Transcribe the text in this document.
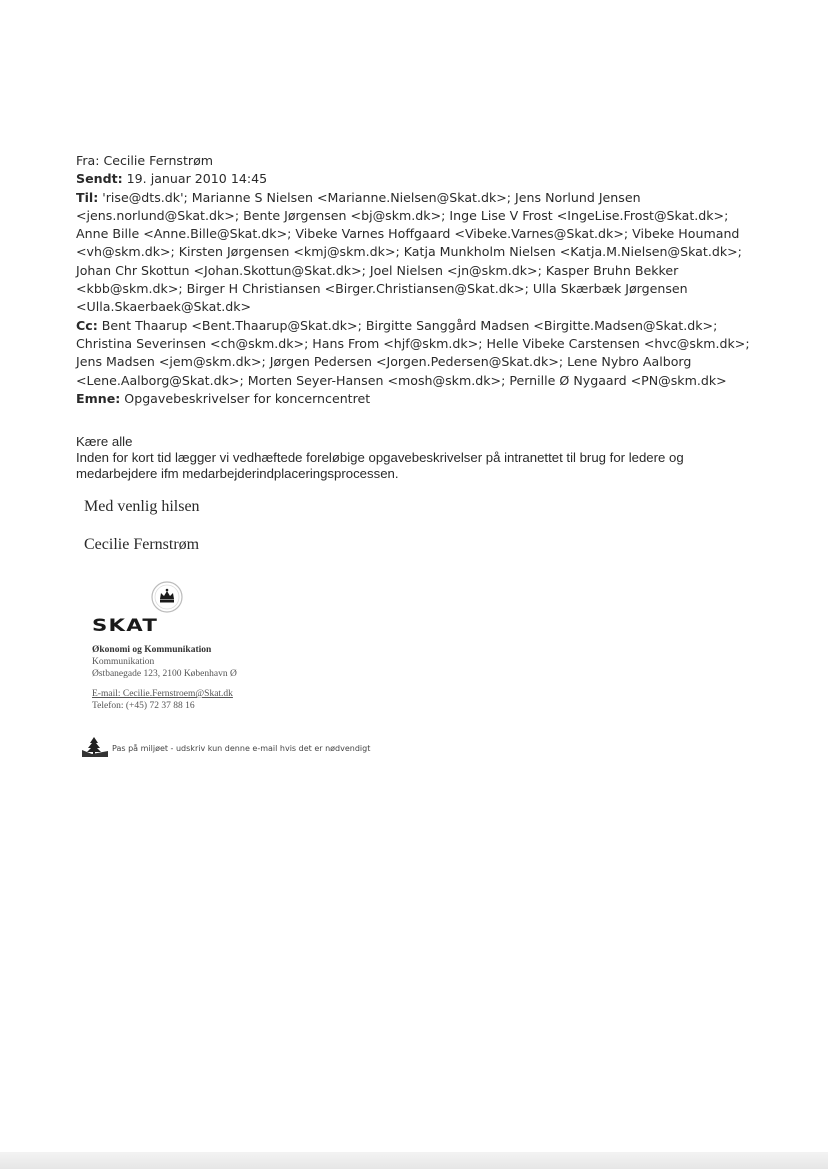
Fra: Cecilie Fernstrøm
Sendt: 19. januar 2010 14:45
Til: 'rise@dts.dk'; Marianne S Nielsen <Marianne.Nielsen@Skat.dk>; Jens Norlund Jensen <jens.norlund@Skat.dk>; Bente Jørgensen <bj@skm.dk>; Inge Lise V Frost <IngeLise.Frost@Skat.dk>; Anne Bille <Anne.Bille@Skat.dk>; Vibeke Varnes Hoffgaard <Vibeke.Varnes@Skat.dk>; Vibeke Houmand <vh@skm.dk>; Kirsten Jørgensen <kmj@skm.dk>; Katja Munkholm Nielsen <Katja.M.Nielsen@Skat.dk>; Johan Chr Skottun <Johan.Skottun@Skat.dk>; Joel Nielsen <jn@skm.dk>; Kasper Bruhn Bekker <kbb@skm.dk>; Birger H Christiansen <Birger.Christiansen@Skat.dk>; Ulla Skærbæk Jørgensen <Ulla.Skaerbaek@Skat.dk>
Cc: Bent Thaarup <Bent.Thaarup@Skat.dk>; Birgitte Sanggård Madsen <Birgitte.Madsen@Skat.dk>; Christina Severinsen <ch@skm.dk>; Hans From <hjf@skm.dk>; Helle Vibeke Carstensen <hvc@skm.dk>; Jens Madsen <jem@skm.dk>; Jørgen Pedersen <Jorgen.Pedersen@Skat.dk>; Lene Nybro Aalborg <Lene.Aalborg@Skat.dk>; Morten Seyer-Hansen <mosh@skm.dk>; Pernille Ø Nygaard <PN@skm.dk>
Emne: Opgavebeskrivelser for koncerncentret
Kære alle
Inden for kort tid lægger vi vedhæftede foreløbige opgavebeskrivelser på intranettet til brug for ledere og medarbejdere ifm medarbejderindplaceringsprocessen.
Med venlig hilsen
Cecilie Fernstrøm
SKAT
Økonomi og Kommunikation
Kommunikation
Østbanegade 123, 2100 København Ø
E-mail: Cecilie.Fernstroem@Skat.dk
Telefon: (+45) 72 37 88 16
Pas på miljøet - udskriv kun denne e-mail hvis det er nødvendigt
